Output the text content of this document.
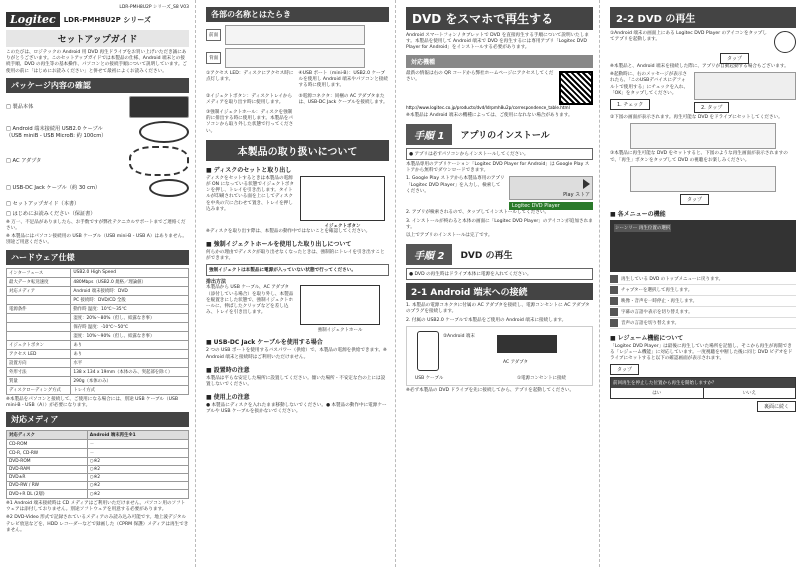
LDR-PMH8U2P シリーズ_S8 V03
Logitec	LDR-PMH8U2P シリーズ
セットアップガイド

このたびは、ロジテックの Android 用 DVD 再生ドライブをお買い上げいただき誠にありがとうございます。このセットアップガイドでは本製品の仕様、Android 端末との接続手順、DVD の再生等の基本操作、パソコンとの接続手順について説明しています。ご使用の前に「はじめにお読みください」と併せて最初によくお読みください。

パッケージ内容の確認
□ 製品本体
□ Android 端末接続用 USB2.0 ケーブル（USB miniB - USB MicroB: 約 100cm）
□ AC アダプタ
□ USB-DC Jack ケーブル（約 30 cm）
□ セットアップガイド（本書）
□ はじめにお読みください（保証書）

※ 万一、不足品がありましたら、お手数ですが弊社テクニカルサポートまでご連絡ください。

※ 本製品にはパソコン接続用の USB ケーブル（USB mini-B - USB A）はありません。別途ご用意ください。

ハードウェア仕様
インターフェース	USB2.0 High Speed
最大データ転送速度	480Mbps（USB2.0 規格／理論値）
対応メディア	Android 端末接続時：DVD
	PC 接続時：DVD/CD 全般
電源条件	動作時 温度：10℃～35℃
	湿度：20%～80%（但し、結露なき事）
	保存時 温度：-10℃～50℃
	湿度：10%～90%（但し、結露なき事）
イジェクトボタン	あり
アクセス LED	あり
設置方向	水平
外形寸法	138 x 134 x 19mm（本体のみ、突起部を除く）
質量	290g（本体のみ）
ディスクローディング方式	トレイ方式

※本製品をパソコンと接続して、ご使用になる場合には、別途 USB ケーブル（USB mini-B - USB（A））が必要になります。

対応メディア
対応ディスク	Android 端末再生※1
CD-ROM	－
CD-R, CD-RW	－
DVD-ROM	○※2
DVD-RAM	○※2
DVD±R	○※2
DVD-RW / RW	○※2
DVD+R DL (2層)	○※2

※1 Android 端末接続時は CD メディアはご利用いただけません。パソコン用のソフトウェアは添付しておりません。別途ソフトウェアを用意する必要があります。

※2 DVD-Video 形式で記録されているメディアのみ読み込み可能です。地上波デジタルテレビ放送などを、HDD レコーダーなどで録画した（CPRM 保護）メディアは再生できません。

各部の名称とはたらき
前面
背面

①アクセス LED：ディスクにアクセス時に点灯します。

④USB ポート（mini-B）：USB2.0 ケーブルを使用し Android 端末やパソコンと接続する時に使用します。

②イジェクトボタン：ディスクトレイからメディアを取り出す時に使用します。

⑤電源コネクタ：同梱の AC アダプタまたは、USB-DC Jack ケーブルを接続します。

③強制イジェクトホール：ディスクを強制的に排出する時に使用します。本製品をパソコンから取り外した状態で行ってください。

本製品の取り扱いについて
■ ディスクのセットと取り出し

ディスクをセットするときは本製品の電源が ON になっている状態でイジェクトボタンを押し、トレイを引き出します。タイトルが印刷されている面を上にしてディスクを中央の穴に合わせて置き、トレイを押し込みます。

イジェクトボタン

※ディスクを取り出す際は、本製品の動作中ではないことを確認してください。

■ 強制イジェクトホールを使用した取り出しについて

何らかの理由でディスクが取り出せなくなったときは、強制的にトレイを引き出すことができます。

強制イジェクトは本製品に電源が入っていない状態で行ってください。
排出方法

本製品から USB ケーブル、AC アダプタ（添付している場合）を取り外し、本製品を縦置きにした状態で、強制イジェクトホールに、伸ばしたクリップなどを差し込み、トレイを引き出します。

強制イジェクトホール
■ USB-DC Jack ケーブルを使用する場合

2 つの USB ポートを使用するバスパワー（供給）で、本製品の電源を供給できます。※ Android 端末と接続時はご利用いただけません。

■ 設置時の注意

本製品は平らな安定した場所に設置してください。傾いた場所・不安定な台の上には設置しないでください。

■ 使用上の注意

● 本製品にディスクを入れたまま移動しないでください。● 本製品の動作中に電源ケーブルや USB ケーブルを抜かないでください。

DVD をスマホで再生する

Android スマートフォン / タブレットで DVD を直接再生する手順について説明いたします。本製品を使用して Android 端末で DVD を再生するには専用アプリ「Logitec DVD Player for Android」をインストールする必要があります。

対応機種

最新の情報は右の QR コードから弊社ホームページにアクセスしてください。

http://www.logitec.co.jp/products/dvd/ldrpmh8u2p/correspondence_table.html

※本製品は Android 端末の機種によっては、ご使用になれない場合があります。

手順 1	アプリのインストール
● アプリは必ずパソコンからインストールしてください。

本製品専用のアプリケーション「Logitec DVD Player for Android」は Google Play ストアから無料でダウンロードできます。

1. Google Play ストアから本製品専用のアプリ「Logitec DVD Player」を入力し、検索してください。

Play ストア
Logitec DVD Player

2. アプリが検索されるので、タップしてインストールしてください。

3. インストールが終わると本体の画面に「Logitec DVD Player」のアイコンが追加されます。

以上でアプリのインストールは完了です。

手順 2	DVD の再生
● DVD の再生時はドライブ本体に電源を入れてください。
2-1 Android 端末への接続

1. 本製品の電源コネクタに付属の AC アダプタを接続し、電源コンセントに AC アダプタのプラグを接続します。

2. 付属の USB2.0 ケーブルで本製品をご使用の Android 端末に接続します。

②Android 端末
USB ケーブル
AC アダプタ
①電源コンセントに接続

※必ず本製品の DVD ドライブを先に接続してから、アプリを起動してください。

2-2 DVD の再生

①Android 端末の画面上にある Logitec DVD Player のアイコンをタップしてアプリを起動します。

タップ

※本製品と、Android 端末を接続した際に、アプリが自動起動する場合もございます。

※起動時に、右のメッセージが表示されたら、「このUSBデバイスにデフォルトで使用する」にチェックを入れ、「OK」をタップしてください。

1. チェック
2. タップ

②下図の画面が表示されます。再生可能な DVD をドライブにセットしてください。

③本製品に再生可能な DVD をセットすると、下図のような再生画面が表示されますので、「再生」ボタンをタップして DVD の視聴をお楽しみください。

タップ
■ 各メニューの機能
シーンリー 再生位置の選択
再生している DVD のトップメニューに戻ります。
チャプターを選択して再生します。
映像・音声を一時停止・再生します。
字幕の言語や表示を切り替えます。
音声の言語を切り替えます。
■ レジューム機能について

「Logitec DVD Player」は最後に再生していた場所を記憶し、そこから再生が再開できる「レジューム機能」に対応しています。一度視聴を中断した後に同じ DVD ビデオをドライブにセットすると以下の確認画面が表示されます。

タップ
前回再生を停止した位置から再生を開始しますか？
はい	いいえ
裏面に続く
